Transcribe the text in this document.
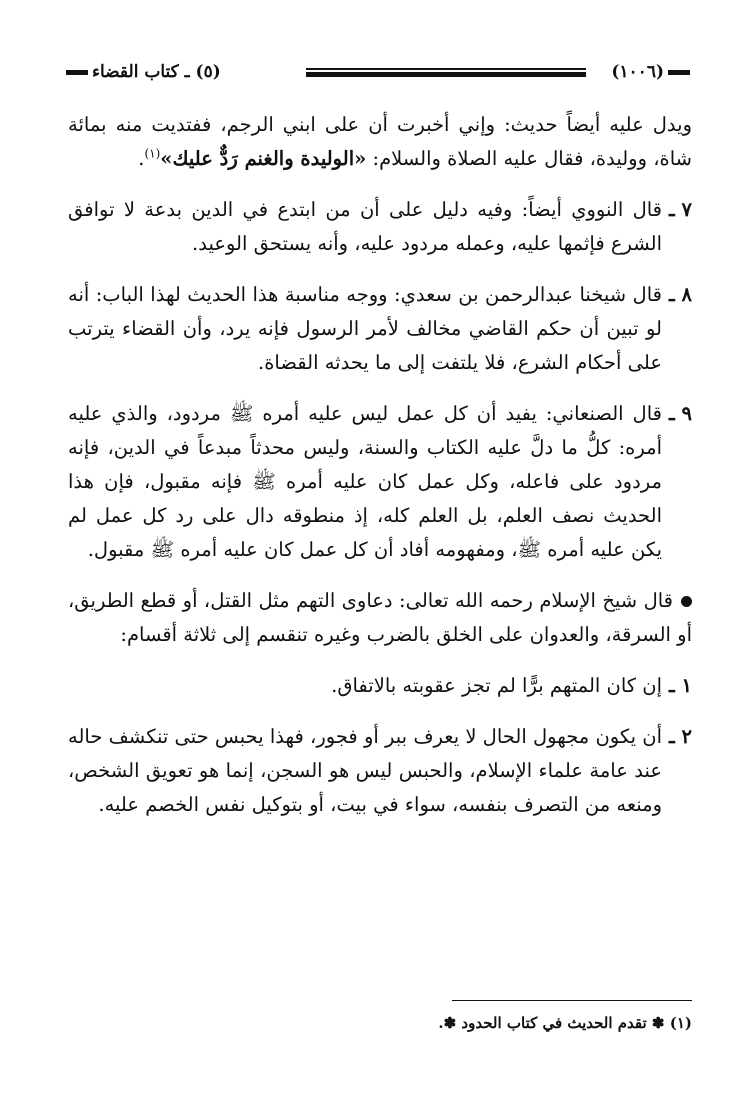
(١٠٠٦)
(٥) ـ كتاب القضاء

ويدل عليه أيضاً حديث: وإني أخبرت أن على ابني الرجم، ففتديت منه بمائة شاة، ووليدة، فقال عليه الصلاة والسلام: «الوليدة والغنم رَدٌّ عليك»$^{(١)}$.

٧ ـ
قال النووي أيضاً: وفيه دليل على أن من ابتدع في الدين بدعة لا توافق الشرع فإثمها عليه، وعمله مردود عليه، وأنه يستحق الوعيد.

٨ ـ
قال شيخنا عبدالرحمن بن سعدي: ووجه مناسبة هذا الحديث لهذا الباب: أنه لو تبين أن حكم القاضي مخالف لأمر الرسول فإنه يرد، وأن القضاء يترتب على أحكام الشرع، فلا يلتفت إلى ما يحدثه القضاة.

٩ ـ
قال الصنعاني: يفيد أن كل عمل ليس عليه أمره ﷺ مردود، والذي عليه أمره: كلُّ ما دلَّ عليه الكتاب والسنة، وليس محدثاً مبدعاً في الدين، فإنه مردود على فاعله، وكل عمل كان عليه أمره ﷺ فإنه مقبول، فإن هذا الحديث نصف العلم، بل العلم كله، إذ منطوقه دال على رد كل عمل لم يكن عليه أمره ﷺ، ومفهومه أفاد أن كل عمل كان عليه أمره ﷺ مقبول.

قال شيخ الإسلام رحمه الله تعالى: دعاوى التهم مثل القتل، أو قطع الطريق، أو السرقة، والعدوان على الخلق بالضرب وغيره تنقسم إلى ثلاثة أقسام:

١ ـ
إن كان المتهم برًّا لم تجز عقوبته بالاتفاق.

٢ ـ
أن يكون مجهول الحال لا يعرف ببر أو فجور، فهذا يحبس حتى تنكشف حاله عند عامة علماء الإسلام، والحبس ليس هو السجن، إنما هو تعويق الشخص، ومنعه من التصرف بنفسه، سواء في بيت، أو بتوكيل نفس الخصم عليه.

(١) ✽ تقدم الحديث في كتاب الحدود ✽.
